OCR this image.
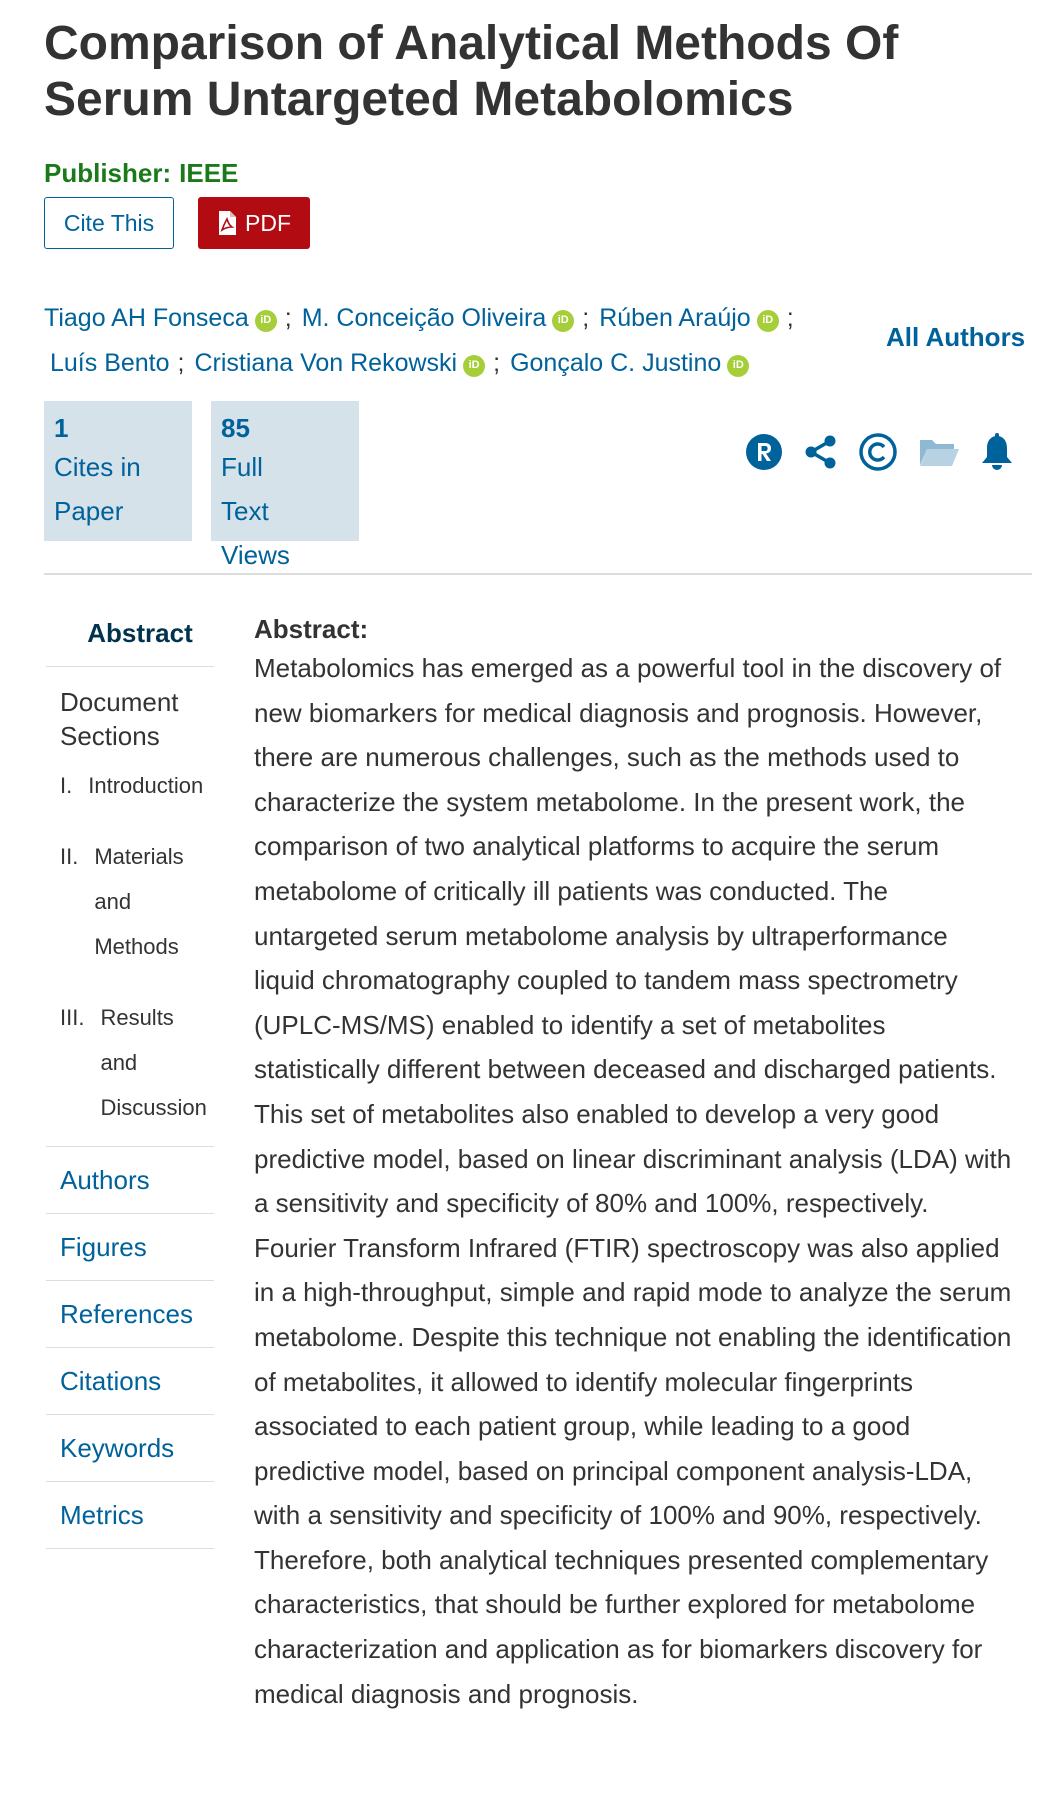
Comparison of Analytical Methods Of Serum Untargeted Metabolomics
Publisher: IEEE
Cite This	PDF
Tiago AH Fonseca iD ; M. Conceição Oliveira iD ; Rúben Araújo iD ;
Luís Bento ; Cristiana Von Rekowski iD ; Gonçalo C. Justino iD
All Authors
1
Cites in
Paper
85
Full
Text Views
Abstract
Document Sections
I. Introduction
II. Materials and Methods
III. Results and Discussion
Authors
Figures
References
Citations
Keywords
Metrics
Abstract:

Metabolomics has emerged as a powerful tool in the discovery of new biomarkers for medical diagnosis and prognosis. However, there are numerous challenges, such as the methods used to characterize the system metabolome. In the present work, the comparison of two analytical platforms to acquire the serum metabolome of critically ill patients was conducted. The untargeted serum metabolome analysis by ultraperformance liquid chromatography coupled to tandem mass spectrometry (UPLC-MS/MS) enabled to identify a set of metabolites statistically different between deceased and discharged patients. This set of metabolites also enabled to develop a very good predictive model, based on linear discriminant analysis (LDA) with a sensitivity and specificity of 80% and 100%, respectively. Fourier Transform Infrared (FTIR) spectroscopy was also applied in a high-throughput, simple and rapid mode to analyze the serum metabolome. Despite this technique not enabling the identification of metabolites, it allowed to identify molecular fingerprints associated to each patient group, while leading to a good predictive model, based on principal component analysis-LDA, with a sensitivity and specificity of 100% and 90%, respectively. Therefore, both analytical techniques presented complementary characteristics, that should be further explored for metabolome characterization and application as for biomarkers discovery for medical diagnosis and prognosis.
